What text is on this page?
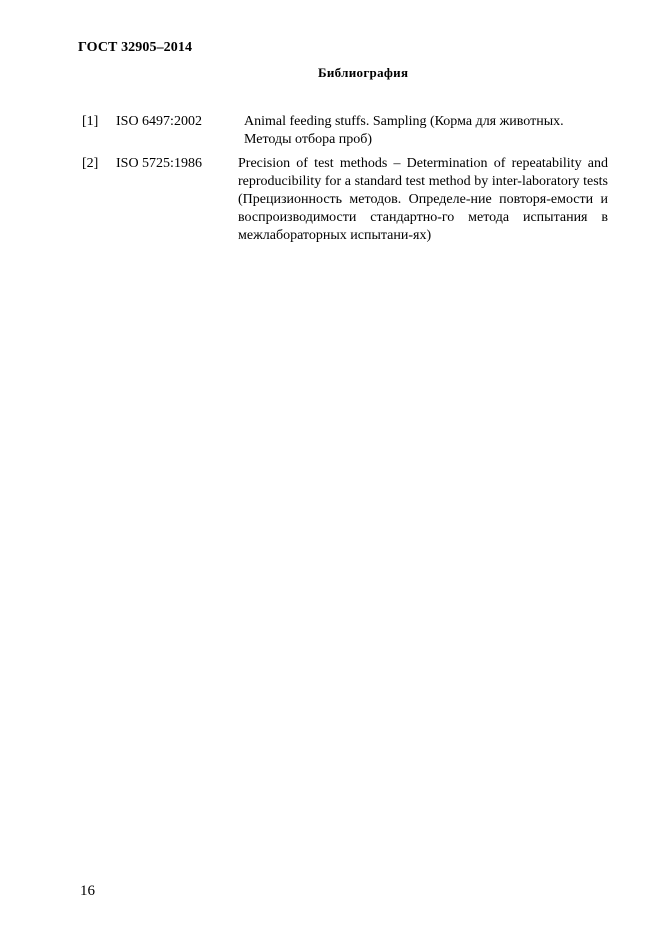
ГОСТ 32905–2014
Библиография
[1] ISO 6497:2002	Animal feeding stuffs. Sampling (Корма для животных.
Методы отбора проб)
[2] ISO 5725:1986	Precision of test methods – Determination of repeatability and reproducibility for a standard test method by inter-laboratory tests (Прецизионность методов. Определе-ние повторя-емости и воспроизводимости стандартно-го метода испытания в межлабораторных испытани-ях)
16
